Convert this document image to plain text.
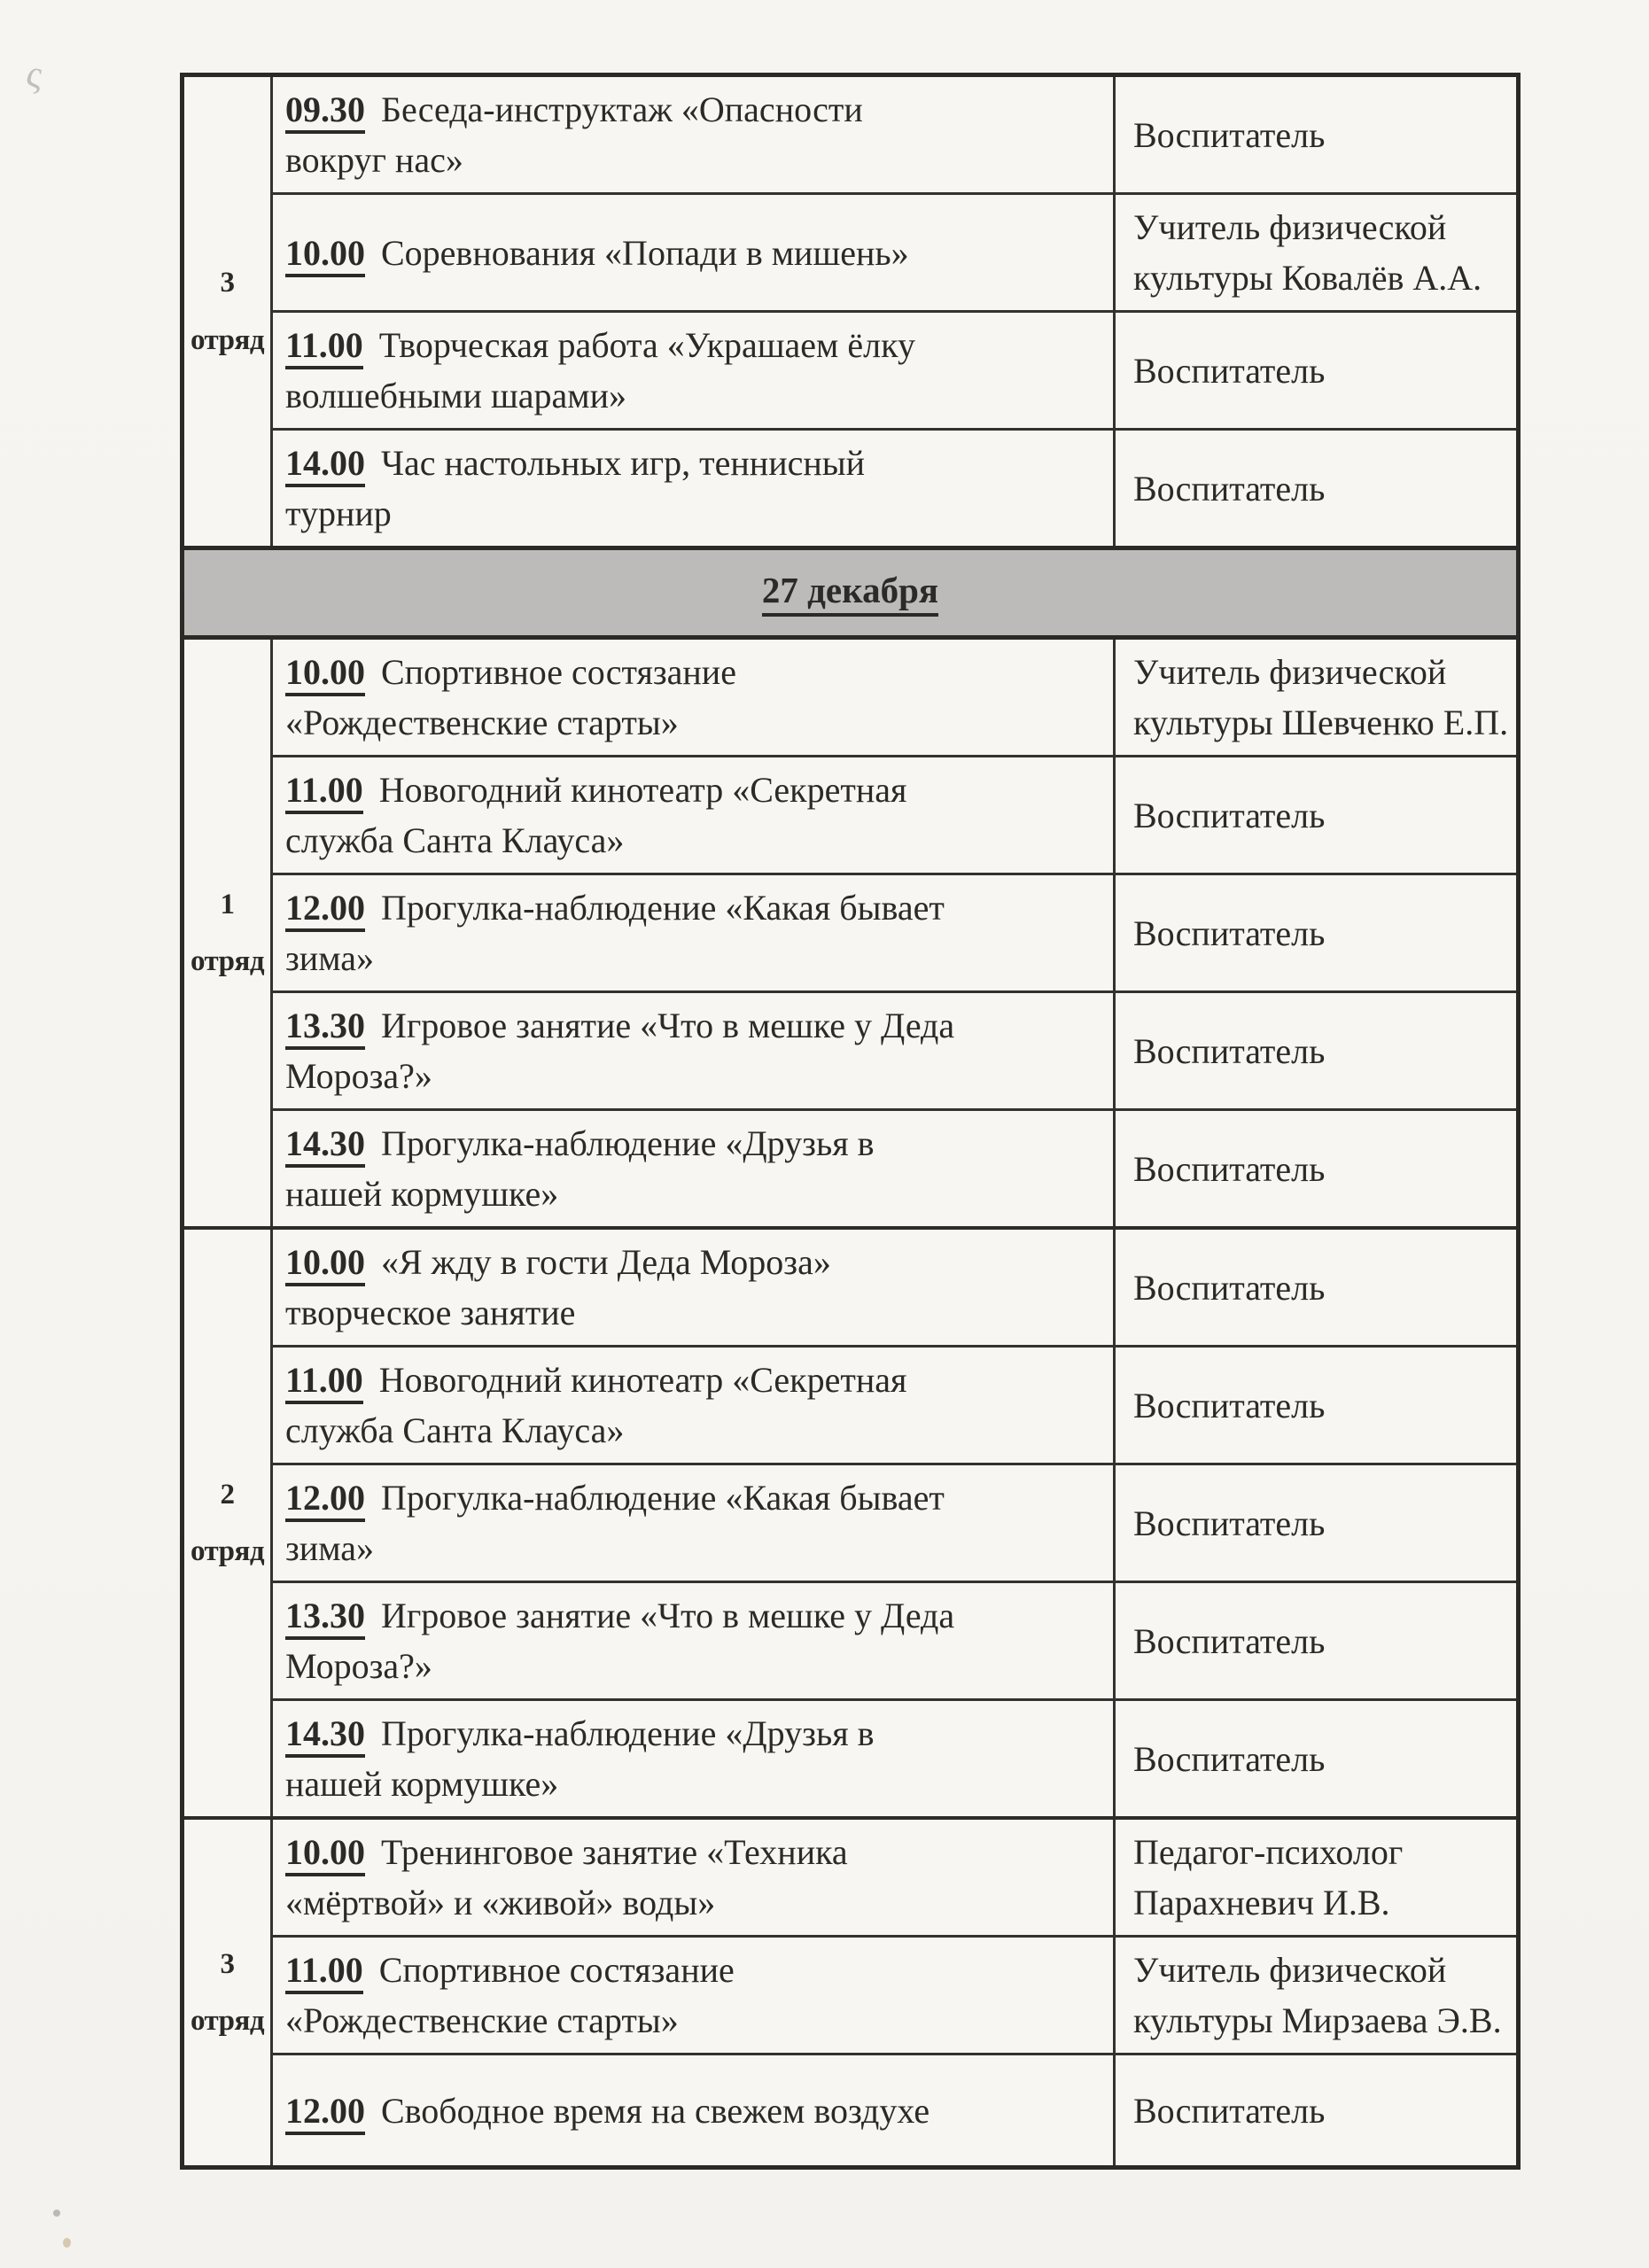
ς
3
отряд
09.30 Беседа-инструктаж «Опасности
вокруг нас»
Воспитатель
10.00 Соревнования «Попади в мишень»
Учитель физической
культуры Ковалёв А.А.
11.00 Творческая работа «Украшаем ёлку
волшебными шарами»
Воспитатель
14.00 Час настольных игр, теннисный
турнир
Воспитатель
27 декабря
1
отряд
10.00 Спортивное состязание
«Рождественские старты»
Учитель физической
культуры Шевченко Е.П.
11.00 Новогодний кинотеатр «Секретная
служба Санта Клауса»
Воспитатель
12.00 Прогулка-наблюдение «Какая бывает
зима»
Воспитатель
13.30 Игровое занятие «Что в мешке у Деда
Мороза?»
Воспитатель
14.30 Прогулка-наблюдение «Друзья в
нашей кормушке»
Воспитатель
2
отряд
10.00 «Я жду в гости Деда Мороза»
творческое занятие
Воспитатель
11.00 Новогодний кинотеатр «Секретная
служба Санта Клауса»
Воспитатель
12.00 Прогулка-наблюдение «Какая бывает
зима»
Воспитатель
13.30 Игровое занятие «Что в мешке у Деда
Мороза?»
Воспитатель
14.30 Прогулка-наблюдение «Друзья в
нашей кормушке»
Воспитатель
3
отряд
10.00 Тренинговое занятие «Техника
«мёртвой» и «живой» воды»
Педагог-психолог
Парахневич И.В.
11.00 Спортивное состязание
«Рождественские старты»
Учитель физической
культуры Мирзаева Э.В.
12.00 Свободное время на свежем воздухе	Воспитатель
